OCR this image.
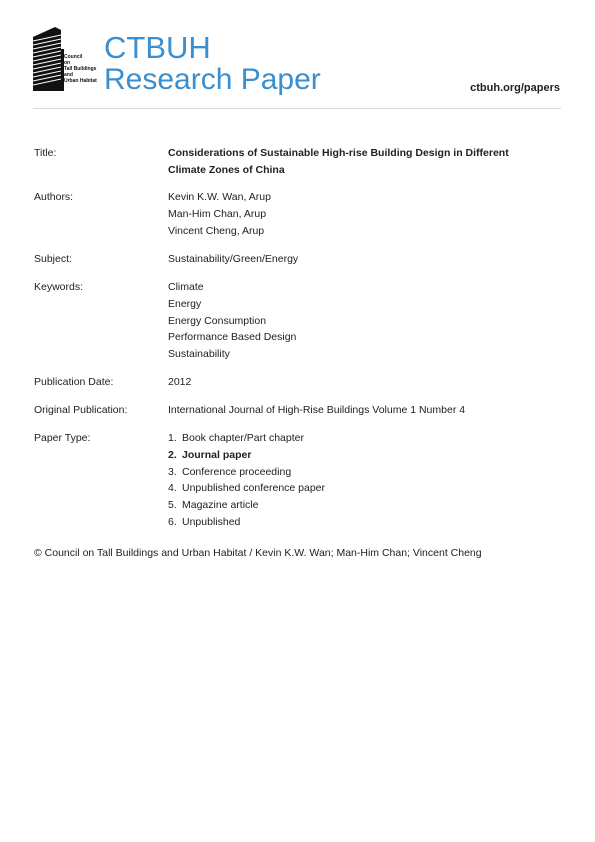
Council
on
Tall Buildings
and
Urban Habitat
CTBUH
Research Paper	ctbuh.org/papers
Title:	Considerations of Sustainable High-rise Building Design in Different
Climate Zones of China
Authors:	Kevin K.W. Wan, Arup
Man-Him Chan, Arup
Vincent Cheng, Arup
Subject:	Sustainability/Green/Energy
Keywords:	Climate
Energy
Energy Consumption
Performance Based Design
Sustainability
Publication Date:	2012
Original Publication:	International Journal of High-Rise Buildings Volume 1 Number 4
Paper Type:	1. Book chapter/Part chapter
2. Journal paper
3. Conference proceeding
4. Unpublished conference paper
5. Magazine article
6. Unpublished
© Council on Tall Buildings and Urban Habitat / Kevin K.W. Wan; Man-Him Chan; Vincent Cheng
